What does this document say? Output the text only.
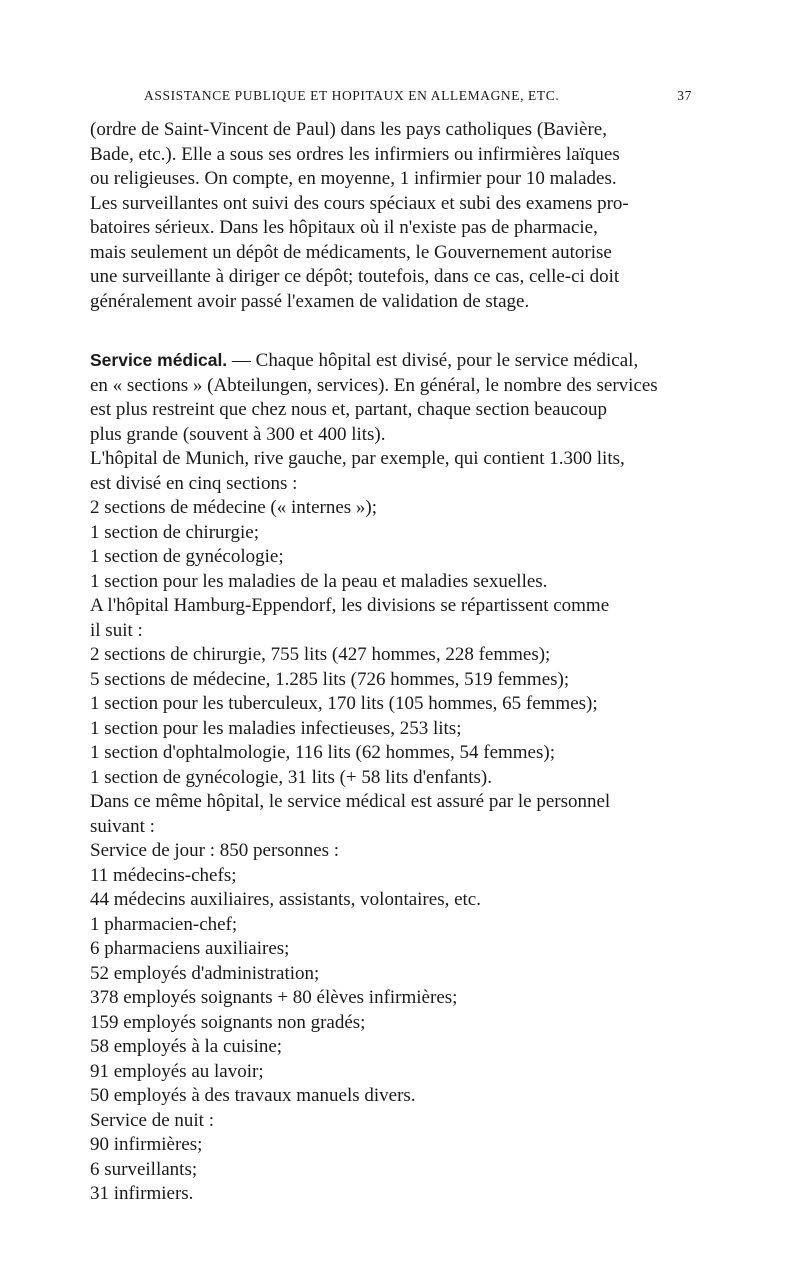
ASSISTANCE PUBLIQUE ET HOPITAUX EN ALLEMAGNE, ETC.	37
(ordre de Saint-Vincent de Paul) dans les pays catholiques (Bavière,
Bade, etc.). Elle a sous ses ordres les infirmiers ou infirmières laïques
ou religieuses. On compte, en moyenne, 1 infirmier pour 10 malades.
Les surveillantes ont suivi des cours spéciaux et subi des examens pro-
batoires sérieux. Dans les hôpitaux où il n'existe pas de pharmacie,
mais seulement un dépôt de médicaments, le Gouvernement autorise
une surveillante à diriger ce dépôt; toutefois, dans ce cas, celle-ci doit
généralement avoir passé l'examen de validation de stage.
Service médical. — Chaque hôpital est divisé, pour le service médical,
en « sections » (Abteilungen, services). En général, le nombre des services
est plus restreint que chez nous et, partant, chaque section beaucoup
plus grande (souvent à 300 et 400 lits).
L'hôpital de Munich, rive gauche, par exemple, qui contient 1.300 lits,
est divisé en cinq sections :
2 sections de médecine (« internes »);
1 section de chirurgie;
1 section de gynécologie;
1 section pour les maladies de la peau et maladies sexuelles.
A l'hôpital Hamburg-Eppendorf, les divisions se répartissent comme
il suit :
2 sections de chirurgie, 755 lits (427 hommes, 228 femmes);
5 sections de médecine, 1.285 lits (726 hommes, 519 femmes);
1 section pour les tuberculeux, 170 lits (105 hommes, 65 femmes);
1 section pour les maladies infectieuses, 253 lits;
1 section d'ophtalmologie, 116 lits (62 hommes, 54 femmes);
1 section de gynécologie, 31 lits (+ 58 lits d'enfants).
Dans ce même hôpital, le service médical est assuré par le personnel
suivant :
Service de jour : 850 personnes :
11 médecins-chefs;
44 médecins auxiliaires, assistants, volontaires, etc.
1 pharmacien-chef;
6 pharmaciens auxiliaires;
52 employés d'administration;
378 employés soignants + 80 élèves infirmières;
159 employés soignants non gradés;
58 employés à la cuisine;
91 employés au lavoir;
50 employés à des travaux manuels divers.
Service de nuit :
90 infirmières;
6 surveillants;
31 infirmiers.
